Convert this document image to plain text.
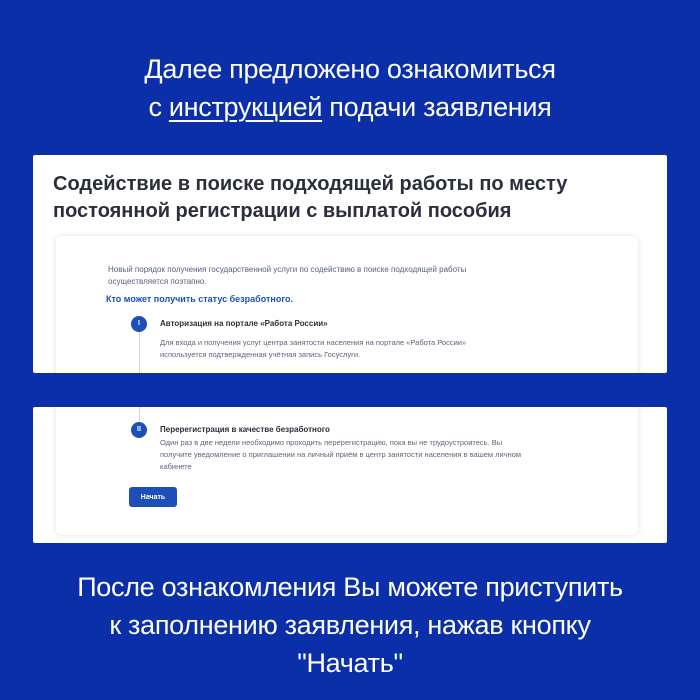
Далее предложено ознакомиться
с инструкцией подачи заявления
Содействие в поиске подходящей работы по месту
постоянной регистрации с выплатой пособия
Новый порядок получения государственной услуги по содействию в поиске подходящей работы
осуществляется поэтапно.
Кто может получить статус безработного.
I	Авторизация на портале «Работа России»
Для входа и получения услуг центра занятости населения на портале «Работа России»
используется подтвержденная учётная запись Госуслуги.
II	Перерегистрация в качестве безработного
Один раз в две недели необходимо проходить перерегистрацию, пока вы не трудоустроитесь. Вы
получите уведомление о приглашении на личный приём в центр занятости населения в вашем личном
кабинете
Начать
После ознакомления Вы можете приступить
к заполнению заявления, нажав кнопку
"Начать"
